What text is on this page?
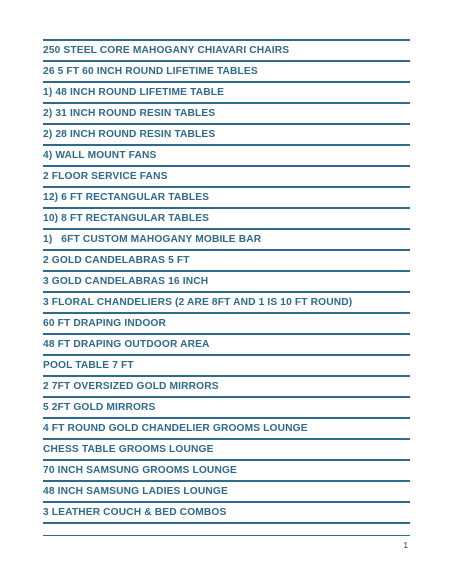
250 STEEL CORE MAHOGANY CHIAVARI CHAIRS
26 5 FT 60 INCH ROUND LIFETIME TABLES
1) 48 INCH ROUND LIFETIME TABLE
2) 31 INCH ROUND RESIN TABLES
2) 28 INCH ROUND RESIN TABLES
4) WALL MOUNT FANS
2 FLOOR SERVICE FANS
12) 6 FT RECTANGULAR TABLES
10) 8 FT RECTANGULAR TABLES
1)   6FT CUSTOM MAHOGANY MOBILE BAR
2 GOLD CANDELABRAS 5 FT
3 GOLD CANDELABRAS 16 INCH
3 FLORAL CHANDELIERS (2 ARE 8FT AND 1 IS 10 FT ROUND)
60 FT DRAPING INDOOR
48 FT DRAPING OUTDOOR AREA
POOL TABLE 7 FT
2 7FT OVERSIZED GOLD MIRRORS
5 2FT GOLD MIRRORS
4 FT ROUND GOLD CHANDELIER GROOMS LOUNGE
CHESS TABLE GROOMS LOUNGE
70 INCH SAMSUNG GROOMS LOUNGE
48 INCH SAMSUNG LADIES LOUNGE
3 LEATHER COUCH & BED COMBOS
1
